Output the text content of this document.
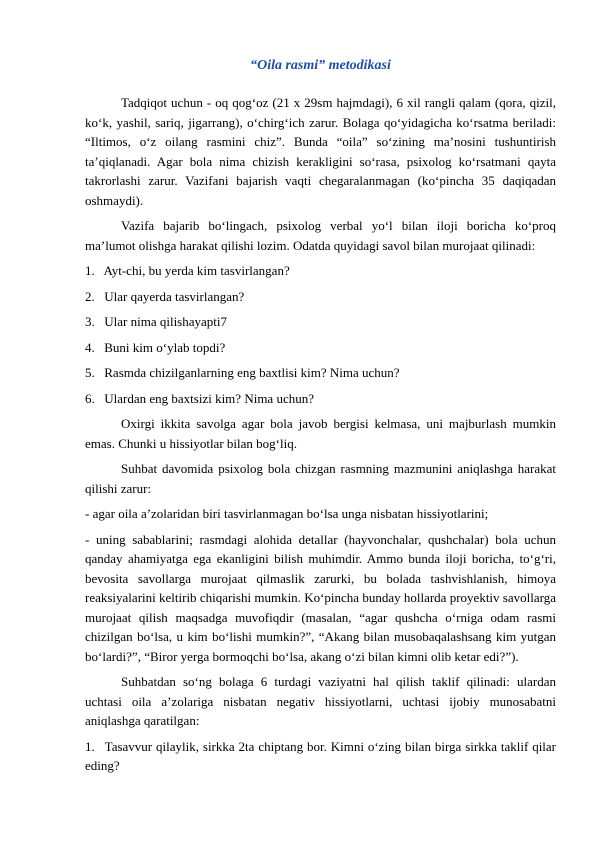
“Oila rasmi” metodikasi

Tadqiqot uchun - oq qog‘oz (21 x 29sm hajmdagi), 6 xil rangli qalam (qora, qizil, ko‘k, yashil, sariq, jigarrang), o‘chirg‘ich zarur. Bolaga qo‘yidagicha ko‘rsatma beriladi: “Iltimos, o‘z oilang rasmini chiz”. Bunda “oila” so‘zining ma’nosini tushuntirish ta’qiqlanadi. Agar bola nima chizish kerakligini so‘rasa, psixolog ko‘rsatmani qayta takrorlashi zarur. Vazifani bajarish vaqti chegaralanmagan (ko‘pincha 35 daqiqadan oshmaydi).

Vazifa bajarib bo‘lingach, psixolog verbal yo‘l bilan iloji boricha ko‘proq ma’lumot olishga harakat qilishi lozim. Odatda quyidagi savol bilan murojaat qilinadi:

1. Ayt-chi, bu yerda kim tasvirlangan?
2. Ular qayerda tasvirlangan?
3. Ular nima qilishayapti7
4. Buni kim o‘ylab topdi?
5. Rasmda chizilganlarning eng baxtlisi kim? Nima uchun?
6. Ulardan eng baxtsizi kim? Nima uchun?

Oxirgi ikkita savolga agar bola javob bergisi kelmasa, uni majburlash mumkin emas. Chunki u hissiyotlar bilan bog‘liq.

Suhbat davomida psixolog bola chizgan rasmning mazmunini aniqlashga harakat qilishi zarur:

- agar oila a’zolaridan biri tasvirlanmagan bo‘lsa unga nisbatan hissiyotlarini;

- uning sabablarini; rasmdagi alohida detallar (hayvonchalar, qushchalar) bola uchun qanday ahamiyatga ega ekanligini bilish muhimdir. Ammo bunda iloji boricha, to‘g‘ri, bevosita savollarga murojaat qilmaslik zarurki, bu bolada tashvishlanish, himoya reaksiyalarini keltirib chiqarishi mumkin. Ko‘pincha bunday hollarda proyektiv savollarga murojaat qilish maqsadga muvofiqdir (masalan, “agar qushcha o‘rniga odam rasmi chizilgan bo‘lsa, u kim bo‘lishi mumkin?”, “Akang bilan musobaqalashsang kim yutgan bo‘lardi?”, “Biror yerga bormoqchi bo‘lsa, akang o‘zi bilan kimni olib ketar edi?”).

Suhbatdan so‘ng bolaga 6 turdagi vaziyatni hal qilish taklif qilinadi: ulardan uchtasi oila a’zolariga nisbatan negativ hissiyotlarni, uchtasi ijobiy munosabatni aniqlashga qaratilgan:

1. Tasavvur qilaylik, sirkka 2ta chiptang bor. Kimni o‘zing bilan birga sirkka taklif qilar eding?
